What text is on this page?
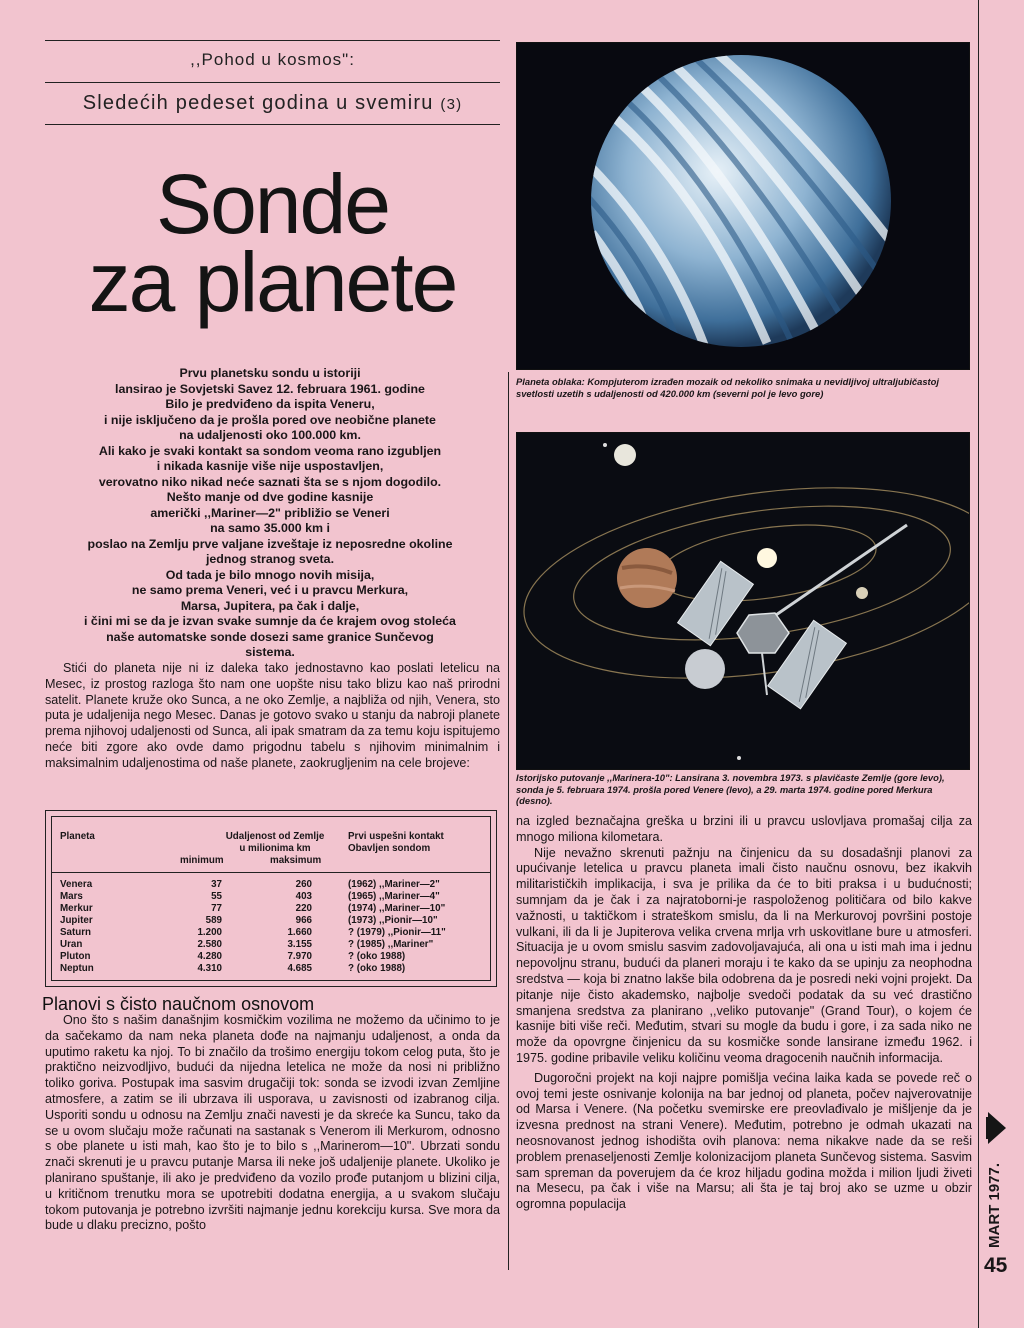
,,Pohod u kosmos":
Sledećih pedeset godina u svemiru (3)
Sonde
za planete

Prvu planetsku sondu u istoriji

lansirao je Sovjetski Savez 12. februara 1961. godine

Bilo je predviđeno da ispita Veneru,

i nije isključeno da je prošla pored ove neobične planete

na udaljenosti oko 100.000 km.

Ali kako je svaki kontakt sa sondom veoma rano izgubljen

i nikada kasnije više nije uspostavljen,

verovatno niko nikad neće saznati šta se s njom dogodilo.

Nešto manje od dve godine kasnije

američki ,,Mariner—2" približio se Veneri

na samo 35.000 km i

poslao na Zemlju prve valjane izveštaje iz neposredne okoline

jednog stranog sveta.

Od tada je bilo mnogo novih misija,

ne samo prema Veneri, već i u pravcu Merkura,

Marsa, Jupitera, pa čak i dalje,

i čini mi se da je izvan svake sumnje da će krajem ovog stoleća

naše automatske sonde dosezi same granice Sunčevog

sistema.

Stići do planeta nije ni iz daleka tako jednostavno kao poslati letelicu na Mesec, iz prostog razloga što nam one uopšte nisu tako blizu kao naš prirodni satelit. Planete kruže oko Sunca, a ne oko Zemlje, a najbliža od njih, Venera, sto puta je udaljenija nego Mesec. Danas je gotovo svako u stanju da nabroji planete prema njihovoj udaljenosti od Sunca, ali ipak smatram da za temu koju ispitujemo neće biti zgore ako ovde damo prigodnu tabelu s njihovim minimalnim i maksimalnim udaljenostima od naše planete, zaokrugljenim na cele brojeve:

Planeta	Udaljenost od Zemlje
u milionima km
minimum	maksimum
Prvi uspešni kontakt
Obavljen sondom
Venera	37	260	(1962) ,,Mariner—2"
Mars	55	403	(1965) ,,Mariner—4"
Merkur	77	220	(1974) ,,Mariner—10"
Jupiter	589	966	(1973) ,,Pionir—10"
Saturn	1.200	1.660	? (1979) ,,Pionir—11"
Uran	2.580	3.155	? (1985) ,,Mariner"
Pluton	4.280	7.970	? (oko 1988)
Neptun	4.310	4.685	? (oko 1988)
Planovi s čisto naučnom osnovom

Ono što s našim današnjim kosmičkim vozilima ne možemo da učinimo to je da sačekamo da nam neka planeta dođe na najmanju udaljenost, a onda da uputimo raketu ka njoj. To bi značilo da trošimo energiju tokom celog puta, što je praktično neizvodljivo, budući da nijedna letelica ne može da nosi ni približno toliko goriva. Postupak ima sasvim drugačiji tok: sonda se izvodi izvan Zemljine atmosfere, a zatim se ili ubrzava ili usporava, u zavisnosti od izabranog cilja. Usporiti sondu u odnosu na Zemlju znači navesti je da skreće ka Suncu, tako da se u ovom slučaju može računati na sastanak s Venerom ili Merkurom, odnosno s obe planete u isti mah, kao što je to bilo s ,,Marinerom—10". Ubrzati sondu znači skrenuti je u pravcu putanje Marsa ili neke još udaljenije planete. Ukoliko je planirano spuštanje, ili ako je predviđeno da vozilo prođe putanjom u blizini cilja, u kritičnom trenutku mora se upotrebiti dodatna energija, a u svakom slučaju tokom putovanja je potrebno izvršiti najmanje jednu korekciju kursa. Sve mora da bude u dlaku precizno, pošto

Planeta oblaka: Kompjuterom izrađen mozaik od nekoliko snimaka u nevidljivoj ultraljubičastoj svetlosti uzetih s udaljenosti od 420.000 km (severni pol je levo gore)
Istorijsko putovanje ,,Marinera-10": Lansirana 3. novembra 1973. s plavičaste Zemlje (gore levo), sonda je 5. februara 1974. prošla pored Venere (levo), a 29. marta 1974. godine pored Merkura (desno).

na izgled beznačajna greška u brzini ili u pravcu uslovljava promašaj cilja za mnogo miliona kilometara.

Nije nevažno skrenuti pažnju na činjenicu da su dosadašnji planovi za upućivanje letelica u pravcu planeta imali čisto naučnu osnovu, bez ikakvih militarističkih implikacija, i sva je prilika da će to biti praksa i u budućnosti; sumnjam da je čak i za najratoborni-je raspoloženog političara od bilo kakve važnosti, u taktičkom i strateškom smislu, da li na Merkurovoj površini postoje vulkani, ili da li je Jupiterova velika crvena mrlja vrh uskovitlane bure u atmosferi. Situacija je u ovom smislu sasvim zadovoljavajuća, ali ona u isti mah ima i jednu nepovoljnu stranu, budući da planeri moraju i te kako da se upinju za neophodna sredstva — koja bi znatno lakše bila odobrena da je posredi neki vojni projekt. Da pitanje nije čisto akademsko, najbolje svedoči podatak da su već drastično smanjena sredstva za planirano ,,veliko putovanje" (Grand Tour), o kojem će kasnije biti više reči. Međutim, stvari su mogle da budu i gore, i za sada niko ne može da opovrgne činjenicu da su kosmičke sonde lansirane između 1962. i 1975. godine pribavile veliku količinu veoma dragocenih naučnih informacija.

Dugoročni projekt na koji najpre pomišlja većina laika kada se povede reč o ovoj temi jeste osnivanje kolonija na bar jednoj od planeta, počev najverovatnije od Marsa i Venere. (Na početku svemirske ere preovlađivalo je mišljenje da je izvesna prednost na strani Venere). Međutim, potrebno je odmah ukazati na neosnovanost jednog ishodišta ovih planova: nema nikakve nade da se reši problem prenaseljenosti Zemlje kolonizacijom planeta Sunčevog sistema. Sasvim sam spreman da poverujem da će kroz hiljadu godina možda i milion ljudi živeti na Mesecu, pa čak i više na Marsu; ali šta je taj broj ako se uzme u obzir ogromna populacija	MART 1977.
45
